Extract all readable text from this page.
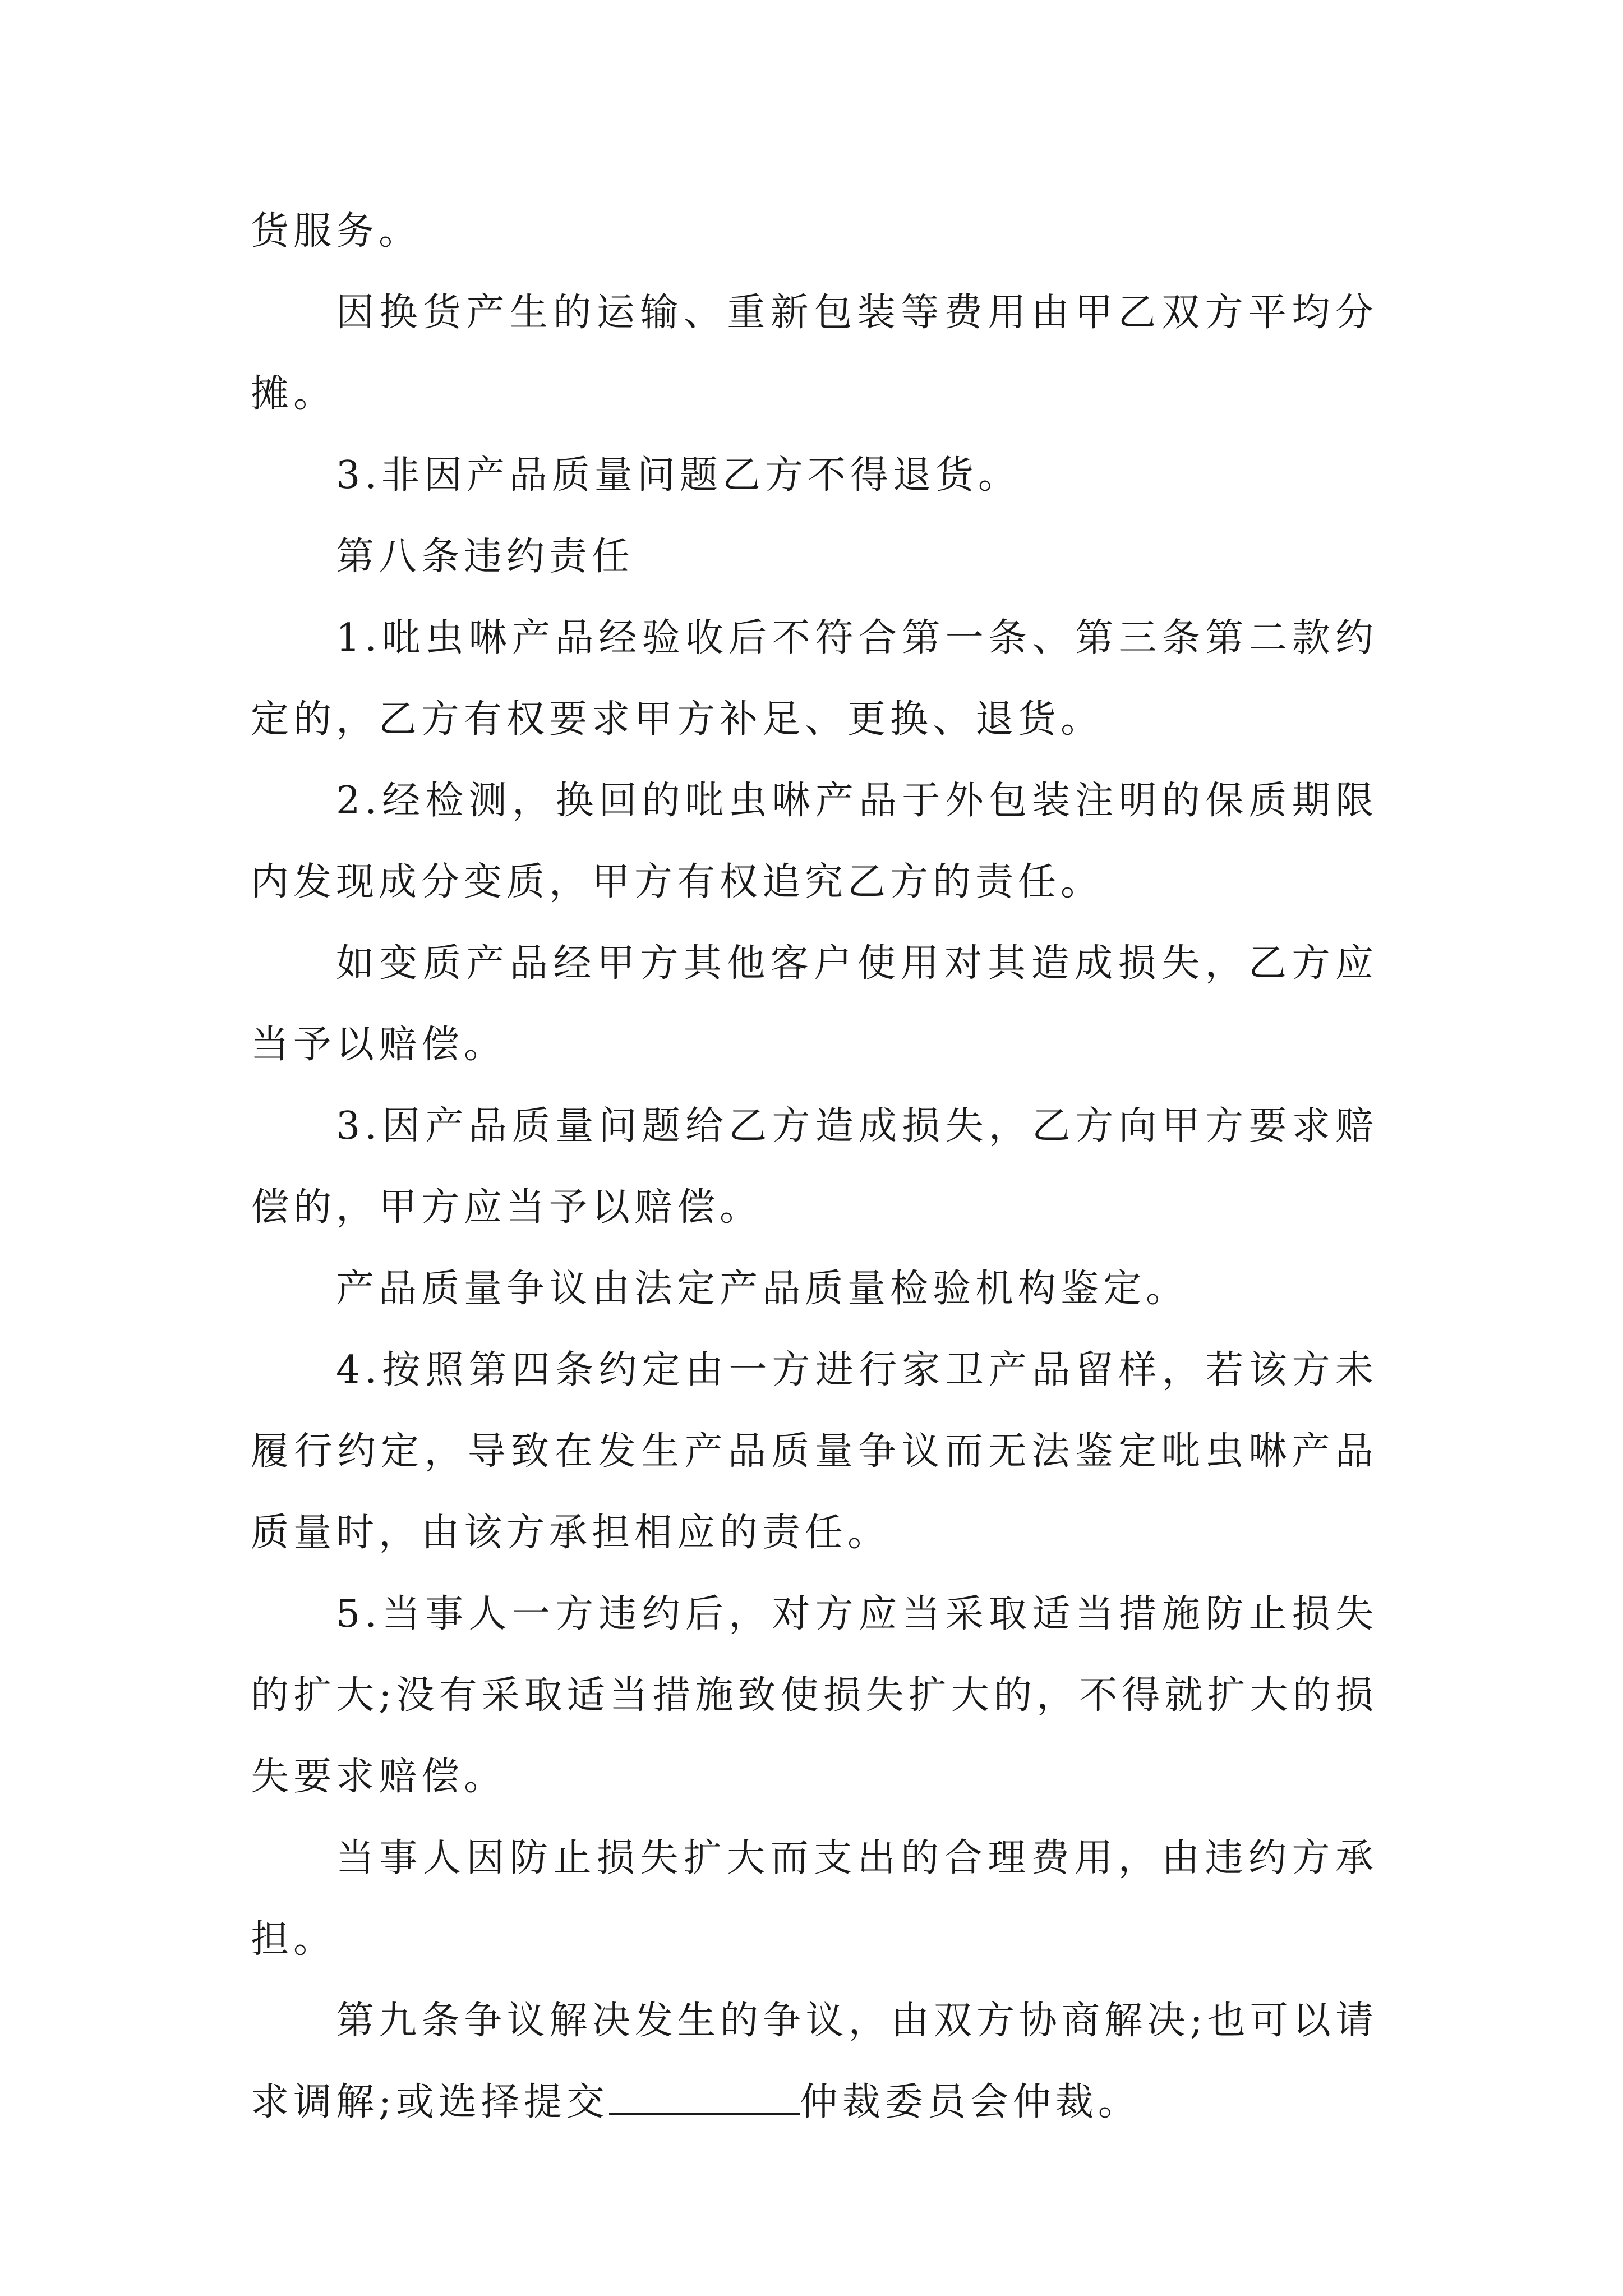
货服务。

因换货产生的运输、重新包装等费用由甲乙双方平均分摊。

3.非因产品质量问题乙方不得退货。

第八条违约责任

1.吡虫啉产品经验收后不符合第一条、第三条第二款约定的，乙方有权要求甲方补足、更换、退货。

2.经检测，换回的吡虫啉产品于外包装注明的保质期限内发现成分变质，甲方有权追究乙方的责任。

如变质产品经甲方其他客户使用对其造成损失，乙方应当予以赔偿。

3.因产品质量问题给乙方造成损失，乙方向甲方要求赔偿的，甲方应当予以赔偿。

产品质量争议由法定产品质量检验机构鉴定。

4.按照第四条约定由一方进行家卫产品留样，若该方未履行约定，导致在发生产品质量争议而无法鉴定吡虫啉产品质量时，由该方承担相应的责任。

5.当事人一方违约后，对方应当采取适当措施防止损失的扩大;没有采取适当措施致使损失扩大的，不得就扩大的损失要求赔偿。

当事人因防止损失扩大而支出的合理费用，由违约方承担。

第九条争议解决发生的争议，由双方协商解决;也可以请求调解;或选择提交	仲裁委员会仲裁。
